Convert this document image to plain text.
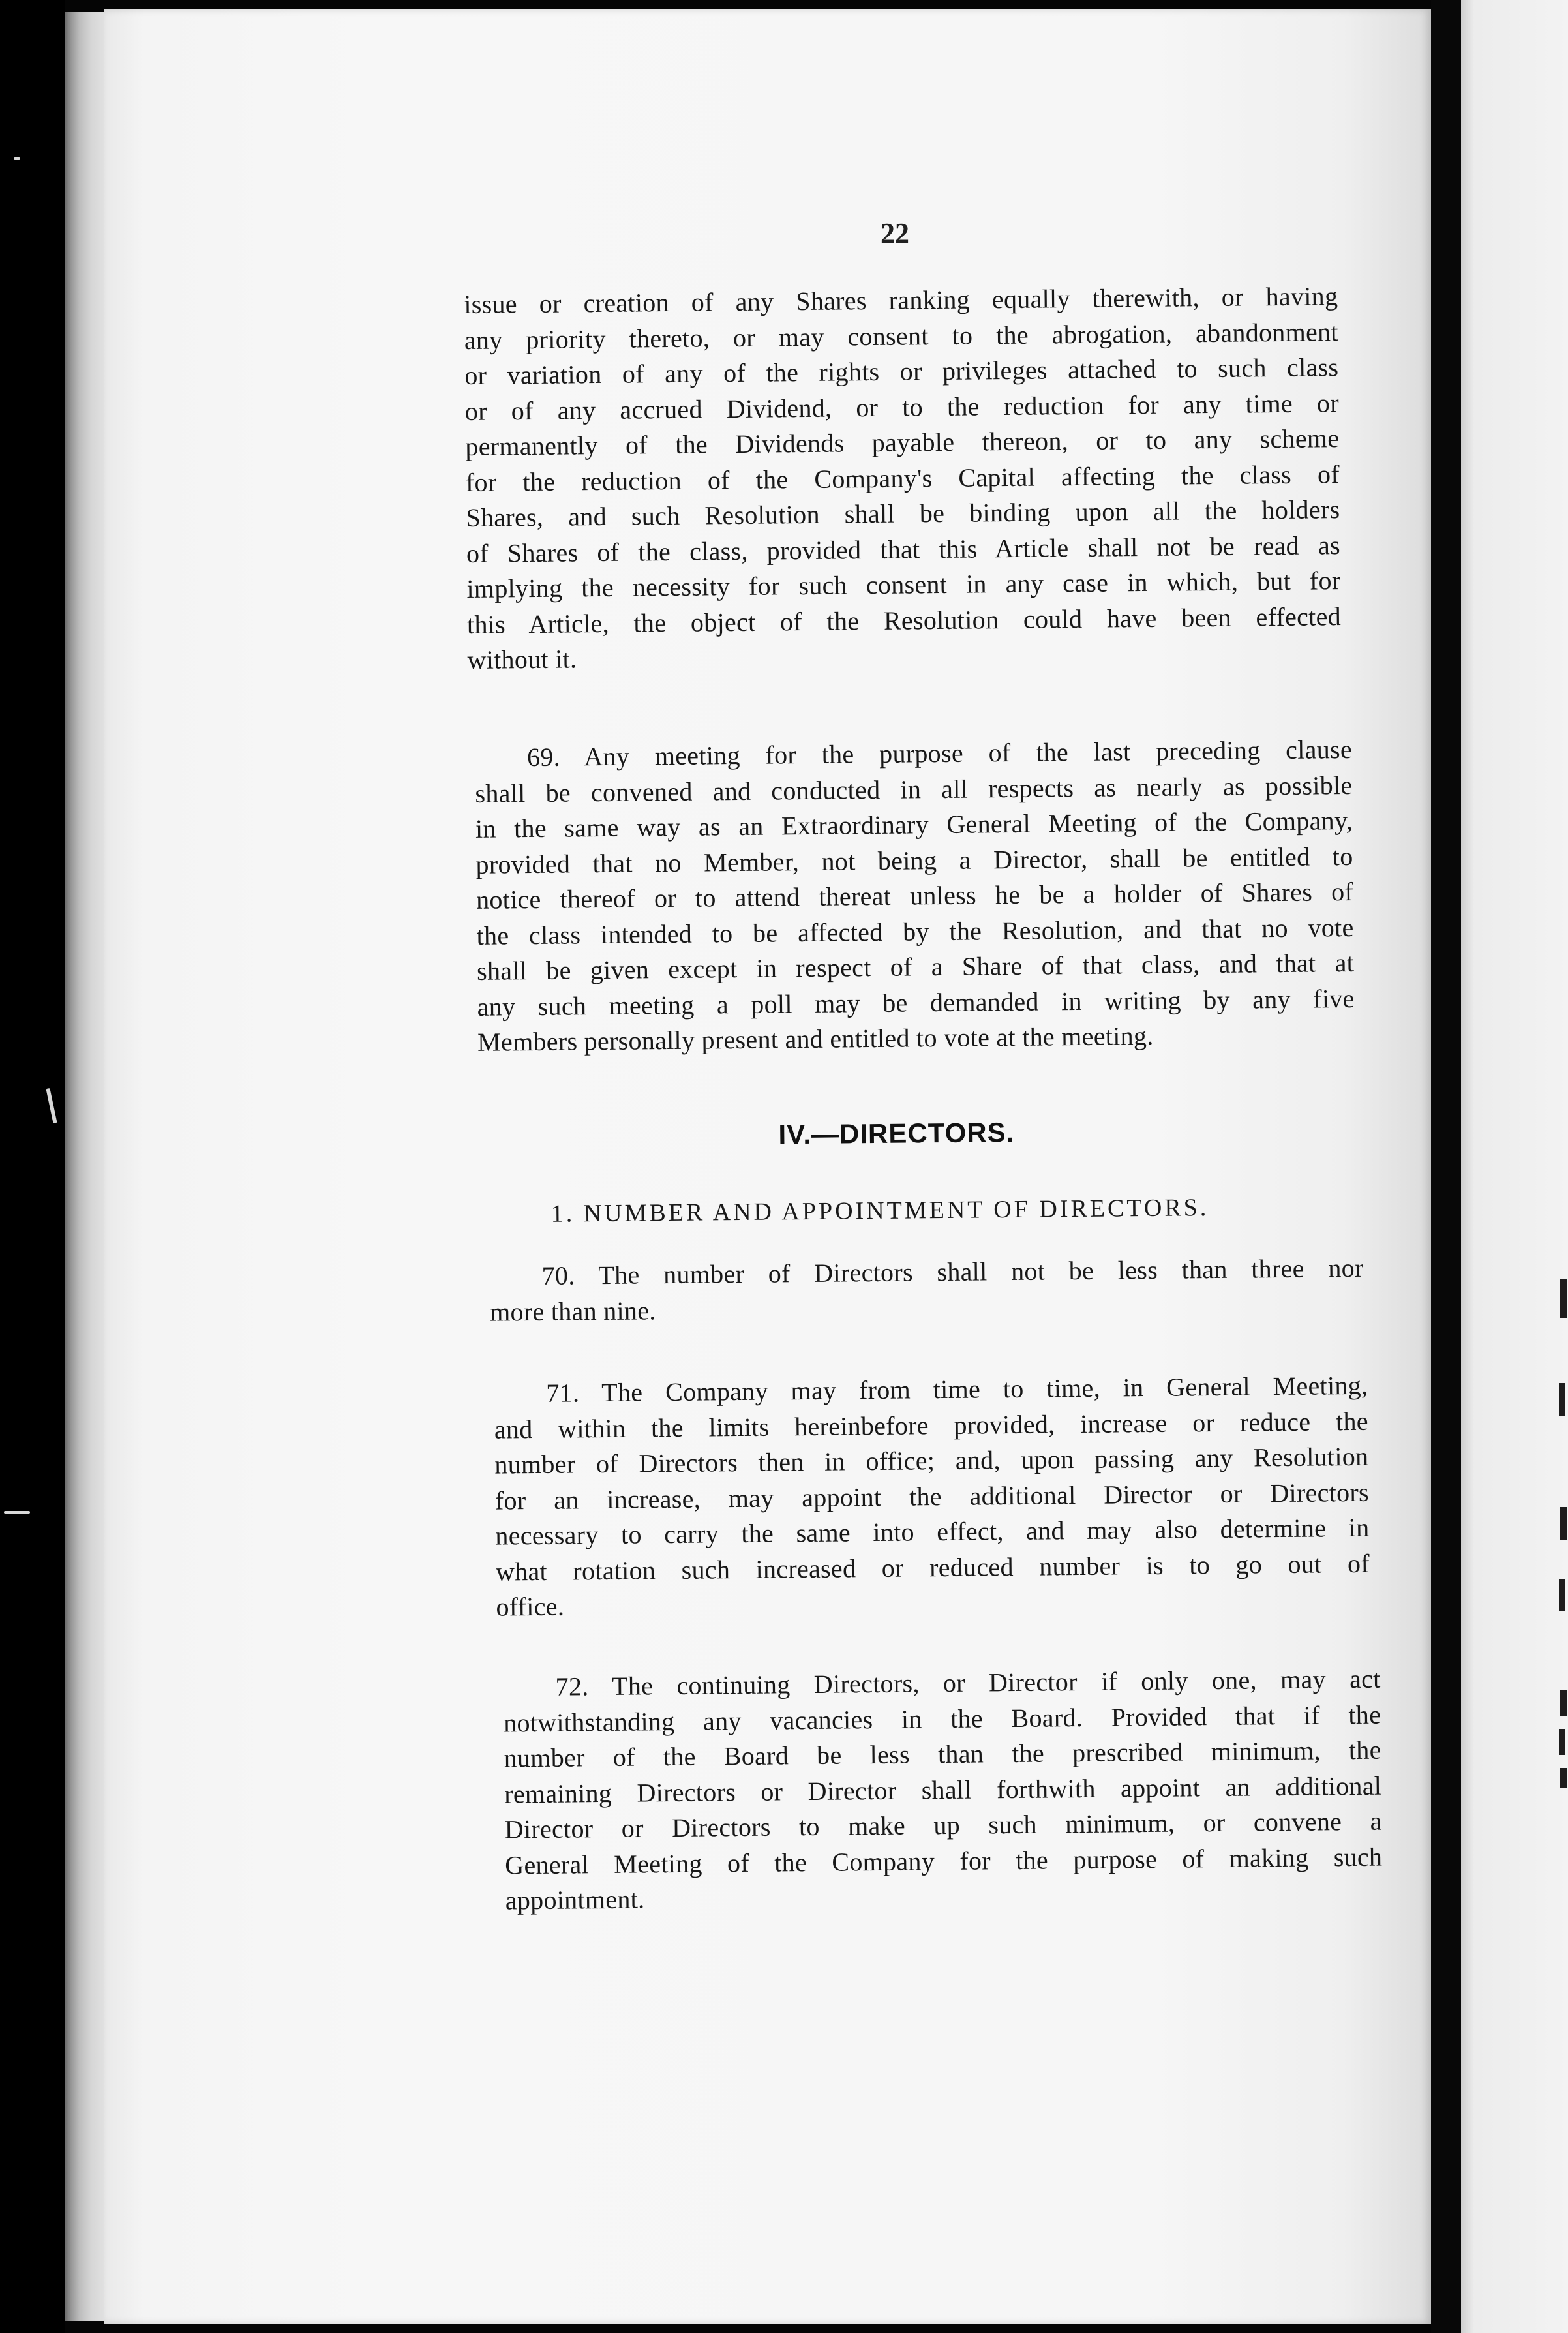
22
issue or creation of any Shares ranking equally therewith, or having
any priority thereto, or may consent to the abrogation, abandonment
or variation of any of the rights or privileges attached to such class
or of any accrued Dividend, or to the reduction for any time or
permanently of the Dividends payable thereon, or to any scheme
for the reduction of the Company's Capital affecting the class of
Shares, and such Resolution shall be binding upon all the holders
of Shares of the class, provided that this Article shall not be read as
implying the necessity for such consent in any case in which, but for
this Article, the object of the Resolution could have been effected
without it.
69. Any meeting for the purpose of the last preceding clause
shall be convened and conducted in all respects as nearly as possible
in the same way as an Extraordinary General Meeting of the Company,
provided that no Member, not being a Director, shall be entitled to
notice thereof or to attend thereat unless he be a holder of Shares of
the class intended to be affected by the Resolution, and that no vote
shall be given except in respect of a Share of that class, and that at
any such meeting a poll may be demanded in writing by any five
Members personally present and entitled to vote at the meeting.
IV.—DIRECTORS.
1. NUMBER AND APPOINTMENT OF DIRECTORS.
70. The number of Directors shall not be less than three nor
more than nine.
71. The Company may from time to time, in General Meeting,
and within the limits hereinbefore provided, increase or reduce the
number of Directors then in office; and, upon passing any Resolution
for an increase, may appoint the additional Director or Directors
necessary to carry the same into effect, and may also determine in
what rotation such increased or reduced number is to go out of
office.
72. The continuing Directors, or Director if only one, may act
notwithstanding any vacancies in the Board. Provided that if the
number of the Board be less than the prescribed minimum, the
remaining Directors or Director shall forthwith appoint an additional
Director or Directors to make up such minimum, or convene a
General Meeting of the Company for the purpose of making such
appointment.
